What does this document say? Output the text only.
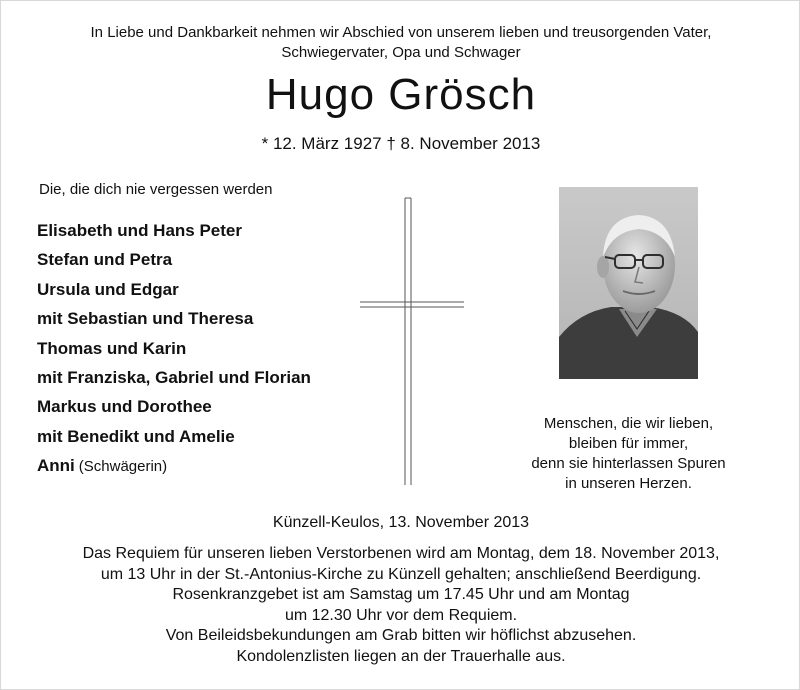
In Liebe und Dankbarkeit nehmen wir Abschied von unserem lieben und treusorgenden Vater,
Schwiegervater, Opa und Schwager
Hugo Grösch
* 12. März 1927 † 8. November 2013
Die, die dich nie vergessen werden
Elisabeth und Hans Peter
Stefan und Petra
Ursula und Edgar
mit Sebastian und Theresa
Thomas und Karin
mit Franziska, Gabriel und Florian
Markus und Dorothee
mit Benedikt und Amelie
Anni (Schwägerin)
Menschen, die wir lieben,
bleiben für immer,
denn sie hinterlassen Spuren
in unseren Herzen.
Künzell-Keulos, 13. November 2013
Das Requiem für unseren lieben Verstorbenen wird am Montag, dem 18. November 2013,
um 13 Uhr in der St.-Antonius-Kirche zu Künzell gehalten; anschließend Beerdigung.
Rosenkranzgebet ist am Samstag um 17.45 Uhr und am Montag
um 12.30 Uhr vor dem Requiem.
Von Beileidsbekundungen am Grab bitten wir höflichst abzusehen.
Kondolenzlisten liegen an der Trauerhalle aus.
